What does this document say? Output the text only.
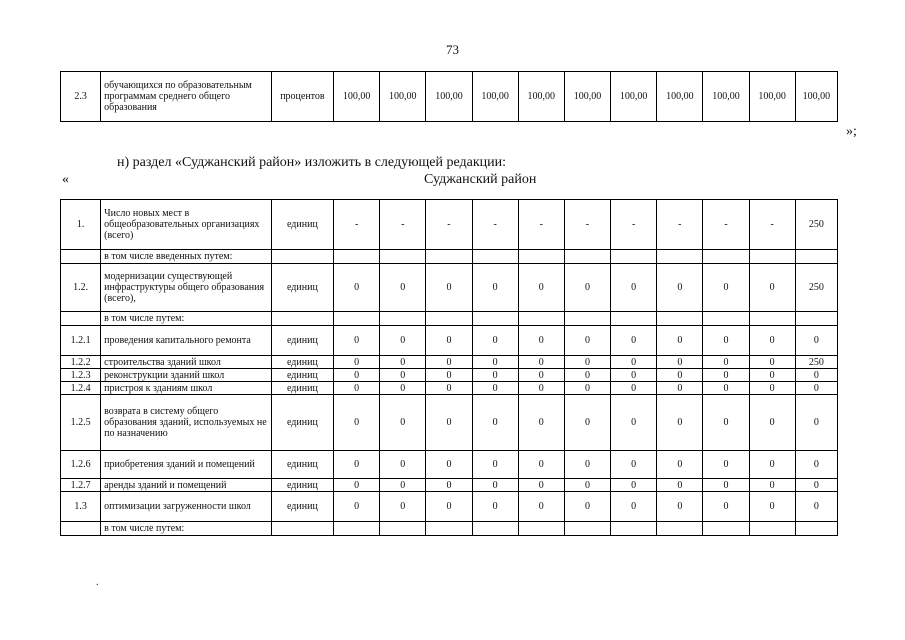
73
2.3	обучающихся по образовательным программам среднего общего образования	процентов	100,00	100,00	100,00	100,00	100,00	100,00	100,00	100,00	100,00	100,00	100,00
»;
н) раздел «Суджанский район» изложить в следующей редакции:
«	Суджанский район
1.	Число новых мест в общеобразовательных организациях (всего)	единиц	-	-	-	-	-	-	-	-	-	-	250
	в том числе введенных путем:												
1.2.	модернизации существующей инфраструктуры общего образования (всего),	единиц	0	0	0	0	0	0	0	0	0	0	250
	в том числе путем:												
1.2.1	проведения капитального ремонта	единиц	0	0	0	0	0	0	0	0	0	0	0
1.2.2	строительства зданий школ	единиц	0	0	0	0	0	0	0	0	0	0	250
1.2.3	реконструкции зданий школ	единиц	0	0	0	0	0	0	0	0	0	0	0
1.2.4	пристроя к зданиям школ	единиц	0	0	0	0	0	0	0	0	0	0	0
1.2.5	возврата в систему общего образования зданий, используемых не по назначению	единиц	0	0	0	0	0	0	0	0	0	0	0
1.2.6	приобретения зданий и помещений	единиц	0	0	0	0	0	0	0	0	0	0	0
1.2.7	аренды зданий и помещений	единиц	0	0	0	0	0	0	0	0	0	0	0
1.3	оптимизации загруженности школ	единиц	0	0	0	0	0	0	0	0	0	0	0
	в том числе путем:												
.
